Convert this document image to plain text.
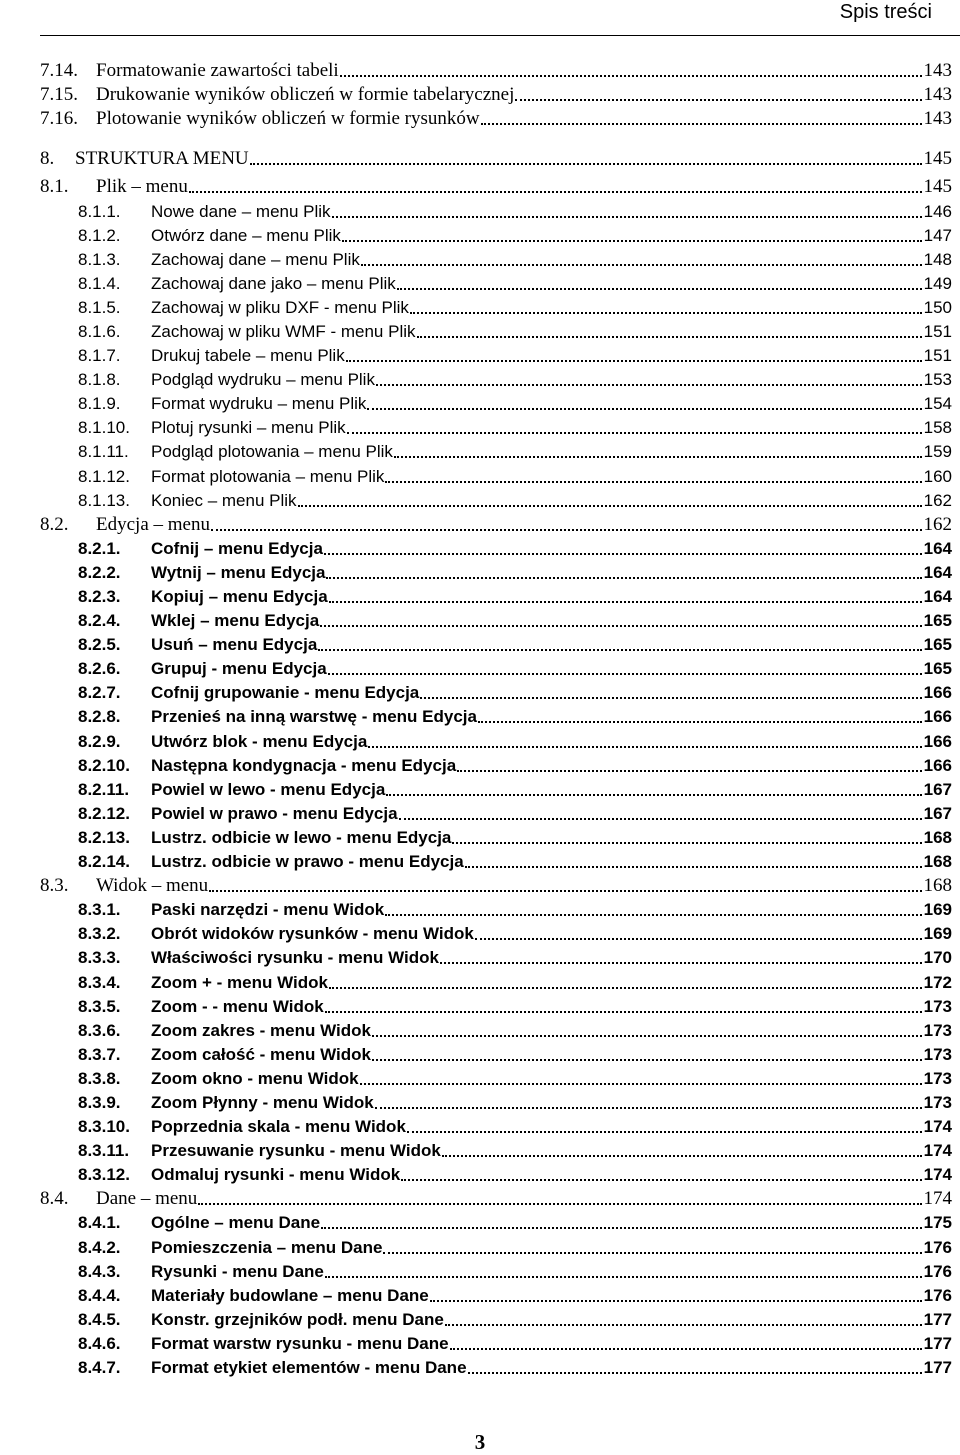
Spis treści
7.14. Formatowanie zawartości tabeli	143
7.15. Drukowanie wyników obliczeń w formie tabelarycznej	143
7.16. Plotowanie wyników obliczeń w formie rysunków	143
8.	STRUKTURA MENU	145
8.1.	Plik – menu	145
8.1.1.	Nowe dane – menu Plik	146
8.1.2.	Otwórz dane – menu Plik	147
8.1.3.	Zachowaj dane – menu Plik	148
8.1.4.	Zachowaj dane jako – menu Plik	149
8.1.5.	Zachowaj w pliku DXF - menu Plik	150
8.1.6.	Zachowaj w pliku WMF - menu Plik	151
8.1.7.	Drukuj tabele – menu Plik	151
8.1.8.	Podgląd wydruku – menu Plik	153
8.1.9.	Format wydruku – menu Plik	154
8.1.10.	Plotuj rysunki – menu Plik	158
8.1.11.	Podgląd plotowania – menu Plik	159
8.1.12.	Format plotowania – menu Plik	160
8.1.13.	Koniec – menu Plik	162
8.2.	Edycja – menu	162
8.2.1.	Cofnij – menu Edycja	164
8.2.2.	Wytnij – menu Edycja	164
8.2.3.	Kopiuj – menu Edycja	164
8.2.4.	Wklej – menu Edycja	165
8.2.5.	Usuń – menu Edycja	165
8.2.6.	Grupuj - menu Edycja	165
8.2.7.	Cofnij grupowanie - menu Edycja	166
8.2.8.	Przenieś na inną warstwę - menu Edycja	166
8.2.9.	Utwórz blok - menu Edycja	166
8.2.10.	Następna kondygnacja - menu Edycja	166
8.2.11.	Powiel w lewo - menu Edycja	167
8.2.12.	Powiel w prawo - menu Edycja	167
8.2.13.	Lustrz. odbicie w lewo - menu Edycja	168
8.2.14.	Lustrz. odbicie w prawo - menu Edycja	168
8.3.	Widok – menu	168
8.3.1.	Paski narzędzi - menu Widok	169
8.3.2.	Obrót widoków rysunków - menu Widok	169
8.3.3.	Właściwości rysunku - menu Widok	170
8.3.4.	Zoom + - menu Widok	172
8.3.5.	Zoom - - menu Widok	173
8.3.6.	Zoom zakres - menu Widok	173
8.3.7.	Zoom całość - menu Widok	173
8.3.8.	Zoom okno - menu Widok	173
8.3.9.	Zoom Płynny - menu Widok	173
8.3.10.	Poprzednia skala - menu Widok	174
8.3.11.	Przesuwanie rysunku - menu Widok	174
8.3.12.	Odmaluj rysunki - menu Widok	174
8.4.	Dane – menu	174
8.4.1.	Ogólne – menu Dane	175
8.4.2.	Pomieszczenia – menu Dane	176
8.4.3.	Rysunki - menu Dane	176
8.4.4.	Materiały budowlane – menu Dane	176
8.4.5.	Konstr. grzejników podł. menu Dane	177
8.4.6.	Format warstw rysunku - menu Dane	177
8.4.7.	Format etykiet elementów - menu Dane	177
3
